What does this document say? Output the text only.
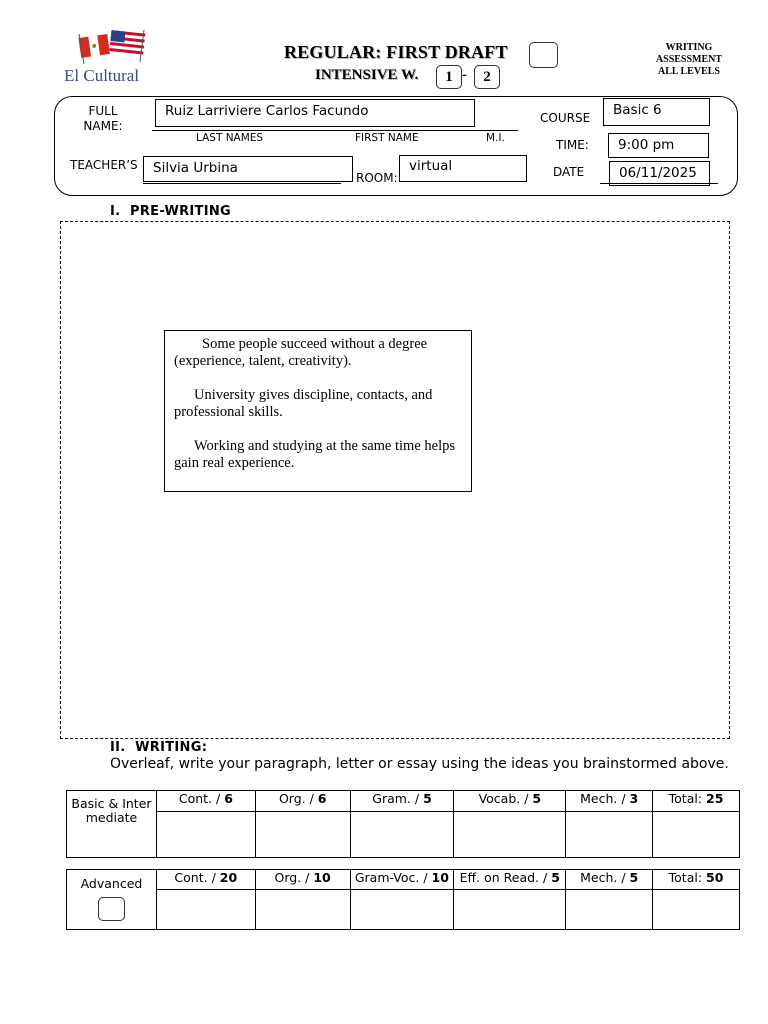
El Cultural
REGULAR: FIRST DRAFT
INTENSIVE W.	1 -	2
WRITING
ASSESSMENT
ALL LEVELS
FULL NAME:
Ruiz Larriviere Carlos Facundo
LAST NAMES	FIRST NAME	M.I.
TEACHER’S	Silvia Urbina
ROOM:
virtual
COURSE	Basic 6
TIME:	9:00 pm
DATE	06/11/2025
I.  PRE-WRITING

Some people succeed without a degree (experience, talent, creativity).

University gives discipline, contacts, and professional skills.

Working and studying at the same time helps gain real experience.

II.  WRITING:
Overleaf, write your paragraph, letter or essay using the ideas you brainstormed above.
Basic & Intermediate	Cont. / 6	Org. / 6	Gram. / 5	Vocab. / 5	Mech. / 3	Total: 25

Advanced	Cont. / 20	Org. / 10	Gram-Voc. / 10	Eff. on Read. / 5	Mech. / 5	Total: 50
